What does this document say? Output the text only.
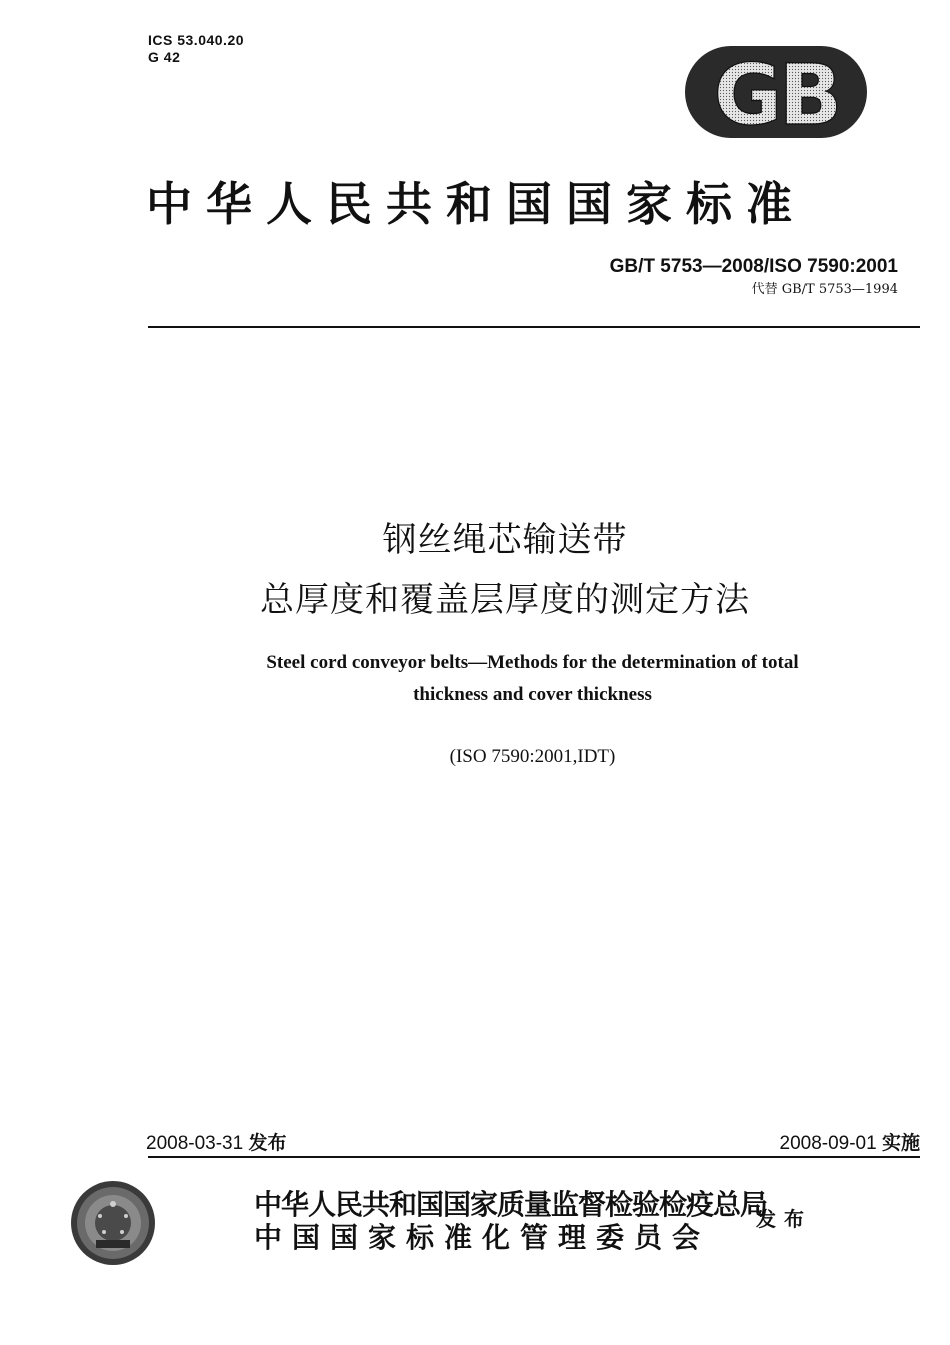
ICS 53.040.20
G 42	GB
中华人民共和国国家标准
GB/T 5753—2008/ISO 7590:2001
代替 GB/T 5753—1994
钢丝绳芯输送带
总厚度和覆盖层厚度的测定方法
Steel cord conveyor belts—Methods for the determination of total
thickness and cover thickness
(ISO 7590:2001,IDT)
2008-03-31 发布	2008-09-01 实施
中华人民共和国国家质量监督检验检疫总局
中国国家标准化管理委员会
发布
